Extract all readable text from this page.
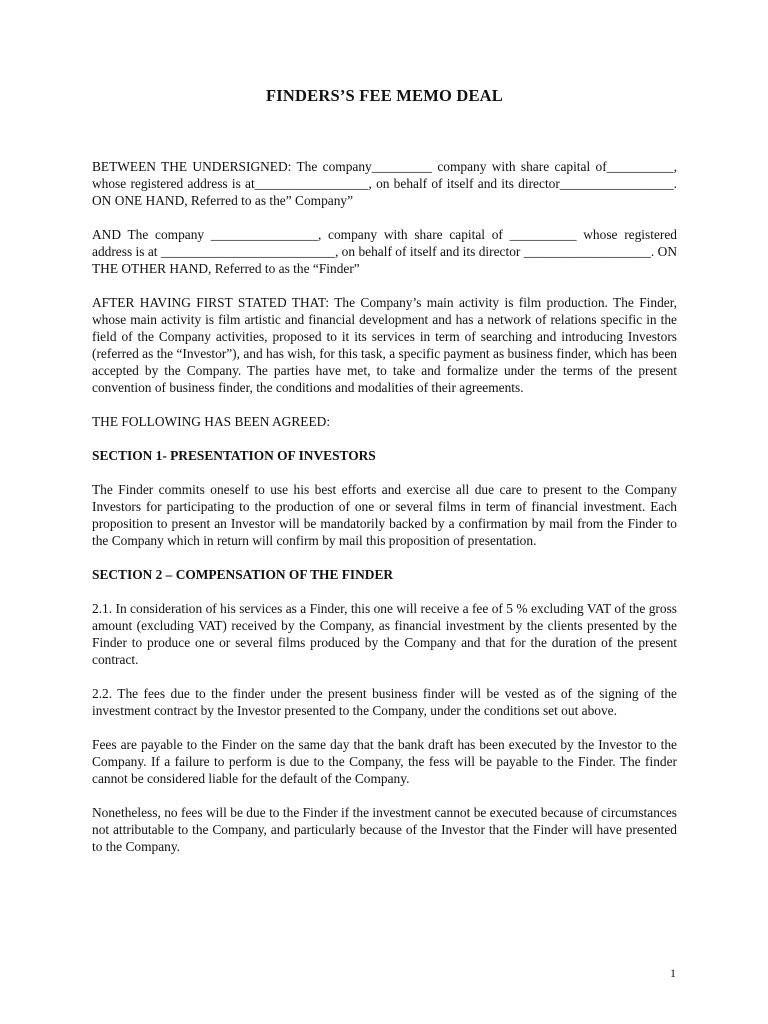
FINDERS’S FEE MEMO DEAL

BETWEEN THE UNDERSIGNED: The company_________ company with share capital of__________, whose registered address is at_________________, on behalf of itself and its director_________________. ON ONE HAND, Referred to as the” Company”

AND The company ________________, company with share capital of __________ whose registered address is at __________________________, on behalf of itself and its director ___________________. ON THE OTHER HAND, Referred to as the “Finder”

AFTER HAVING FIRST STATED THAT: The Company’s main activity is film production. The Finder, whose main activity is film artistic and financial development and has a network of relations specific in the field of the Company activities, proposed to it its services in term of searching and introducing Investors (referred as the “Investor”), and has wish, for this task, a specific payment as business finder, which has been accepted by the Company. The parties have met, to take and formalize under the terms of the present convention of business finder, the conditions and modalities of their agreements.

THE FOLLOWING HAS BEEN AGREED:

SECTION 1- PRESENTATION OF INVESTORS

The Finder commits oneself to use his best efforts and exercise all due care to present to the Company Investors for participating to the production of one or several films in term of financial investment. Each proposition to present an Investor will be mandatorily backed by a confirmation by mail from the Finder to the Company which in return will confirm by mail this proposition of presentation.

SECTION 2 – COMPENSATION OF THE FINDER

2.1. In consideration of his services as a Finder, this one will receive a fee of 5 % excluding VAT of the gross amount (excluding VAT) received by the Company, as financial investment by the clients presented by the Finder to produce one or several films produced by the Company and that for the duration of the present contract.

2.2. The fees due to the finder under the present business finder will be vested as of the signing of the investment contract by the Investor presented to the Company, under the conditions set out above.

Fees are payable to the Finder on the same day that the bank draft has been executed by the Investor to the Company. If a failure to perform is due to the Company, the fess will be payable to the Finder. The finder cannot be considered liable for the default of the Company.

Nonetheless, no fees will be due to the Finder if the investment cannot be executed because of circumstances not attributable to the Company, and particularly because of the Investor that the Finder will have presented to the Company.

1
